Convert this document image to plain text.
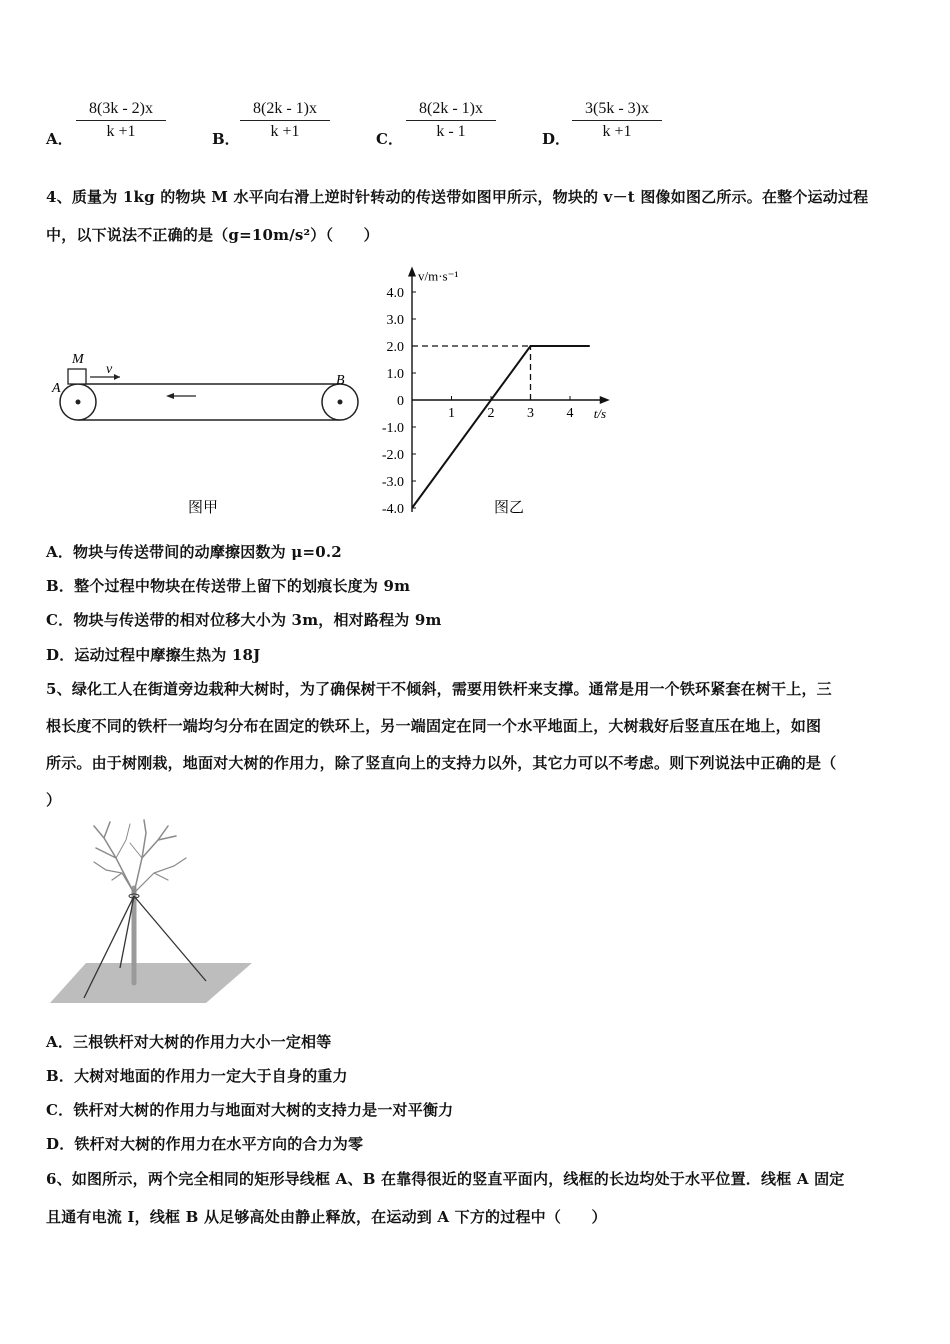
A．
8(3k - 2)x
k +1	B．
8(2k - 1)x
k +1	C．
8(2k - 1)x
k - 1	D．
3(5k - 3)x
k +1
4、质量为 1kg 的物块 M 水平向右滑上逆时针转动的传送带如图甲所示，物块的 v－t 图像如图乙所示。在整个运动过程
中，以下说法不正确的是（g=10m/s²）（　　）
M
v
A
B
图甲
4.0
3.0
2.0
1.0
0
-1.0
-2.0
-3.0
-4.0
1 2 3 4
v/m·s⁻¹
t/s
图乙
A．物块与传送带间的动摩擦因数为 μ=0.2
B．整个过程中物块在传送带上留下的划痕长度为 9m
C．物块与传送带的相对位移大小为 3m，相对路程为 9m
D．运动过程中摩擦生热为 18J
5、绿化工人在街道旁边栽种大树时，为了确保树干不倾斜，需要用铁杆来支撑。通常是用一个铁环紧套在树干上，三
根长度不同的铁杆一端均匀分布在固定的铁环上，另一端固定在同一个水平地面上，大树栽好后竖直压在地上，如图
所示。由于树刚栽，地面对大树的作用力，除了竖直向上的支持力以外，其它力可以不考虑。则下列说法中正确的是（
）
A．三根铁杆对大树的作用力大小一定相等
B．大树对地面的作用力一定大于自身的重力
C．铁杆对大树的作用力与地面对大树的支持力是一对平衡力
D．铁杆对大树的作用力在水平方向的合力为零
6、如图所示，两个完全相同的矩形导线框 A、B 在靠得很近的竖直平面内，线框的长边均处于水平位置．线框 A 固定
且通有电流 I，线框 B 从足够高处由静止释放，在运动到 A 下方的过程中（　　）
